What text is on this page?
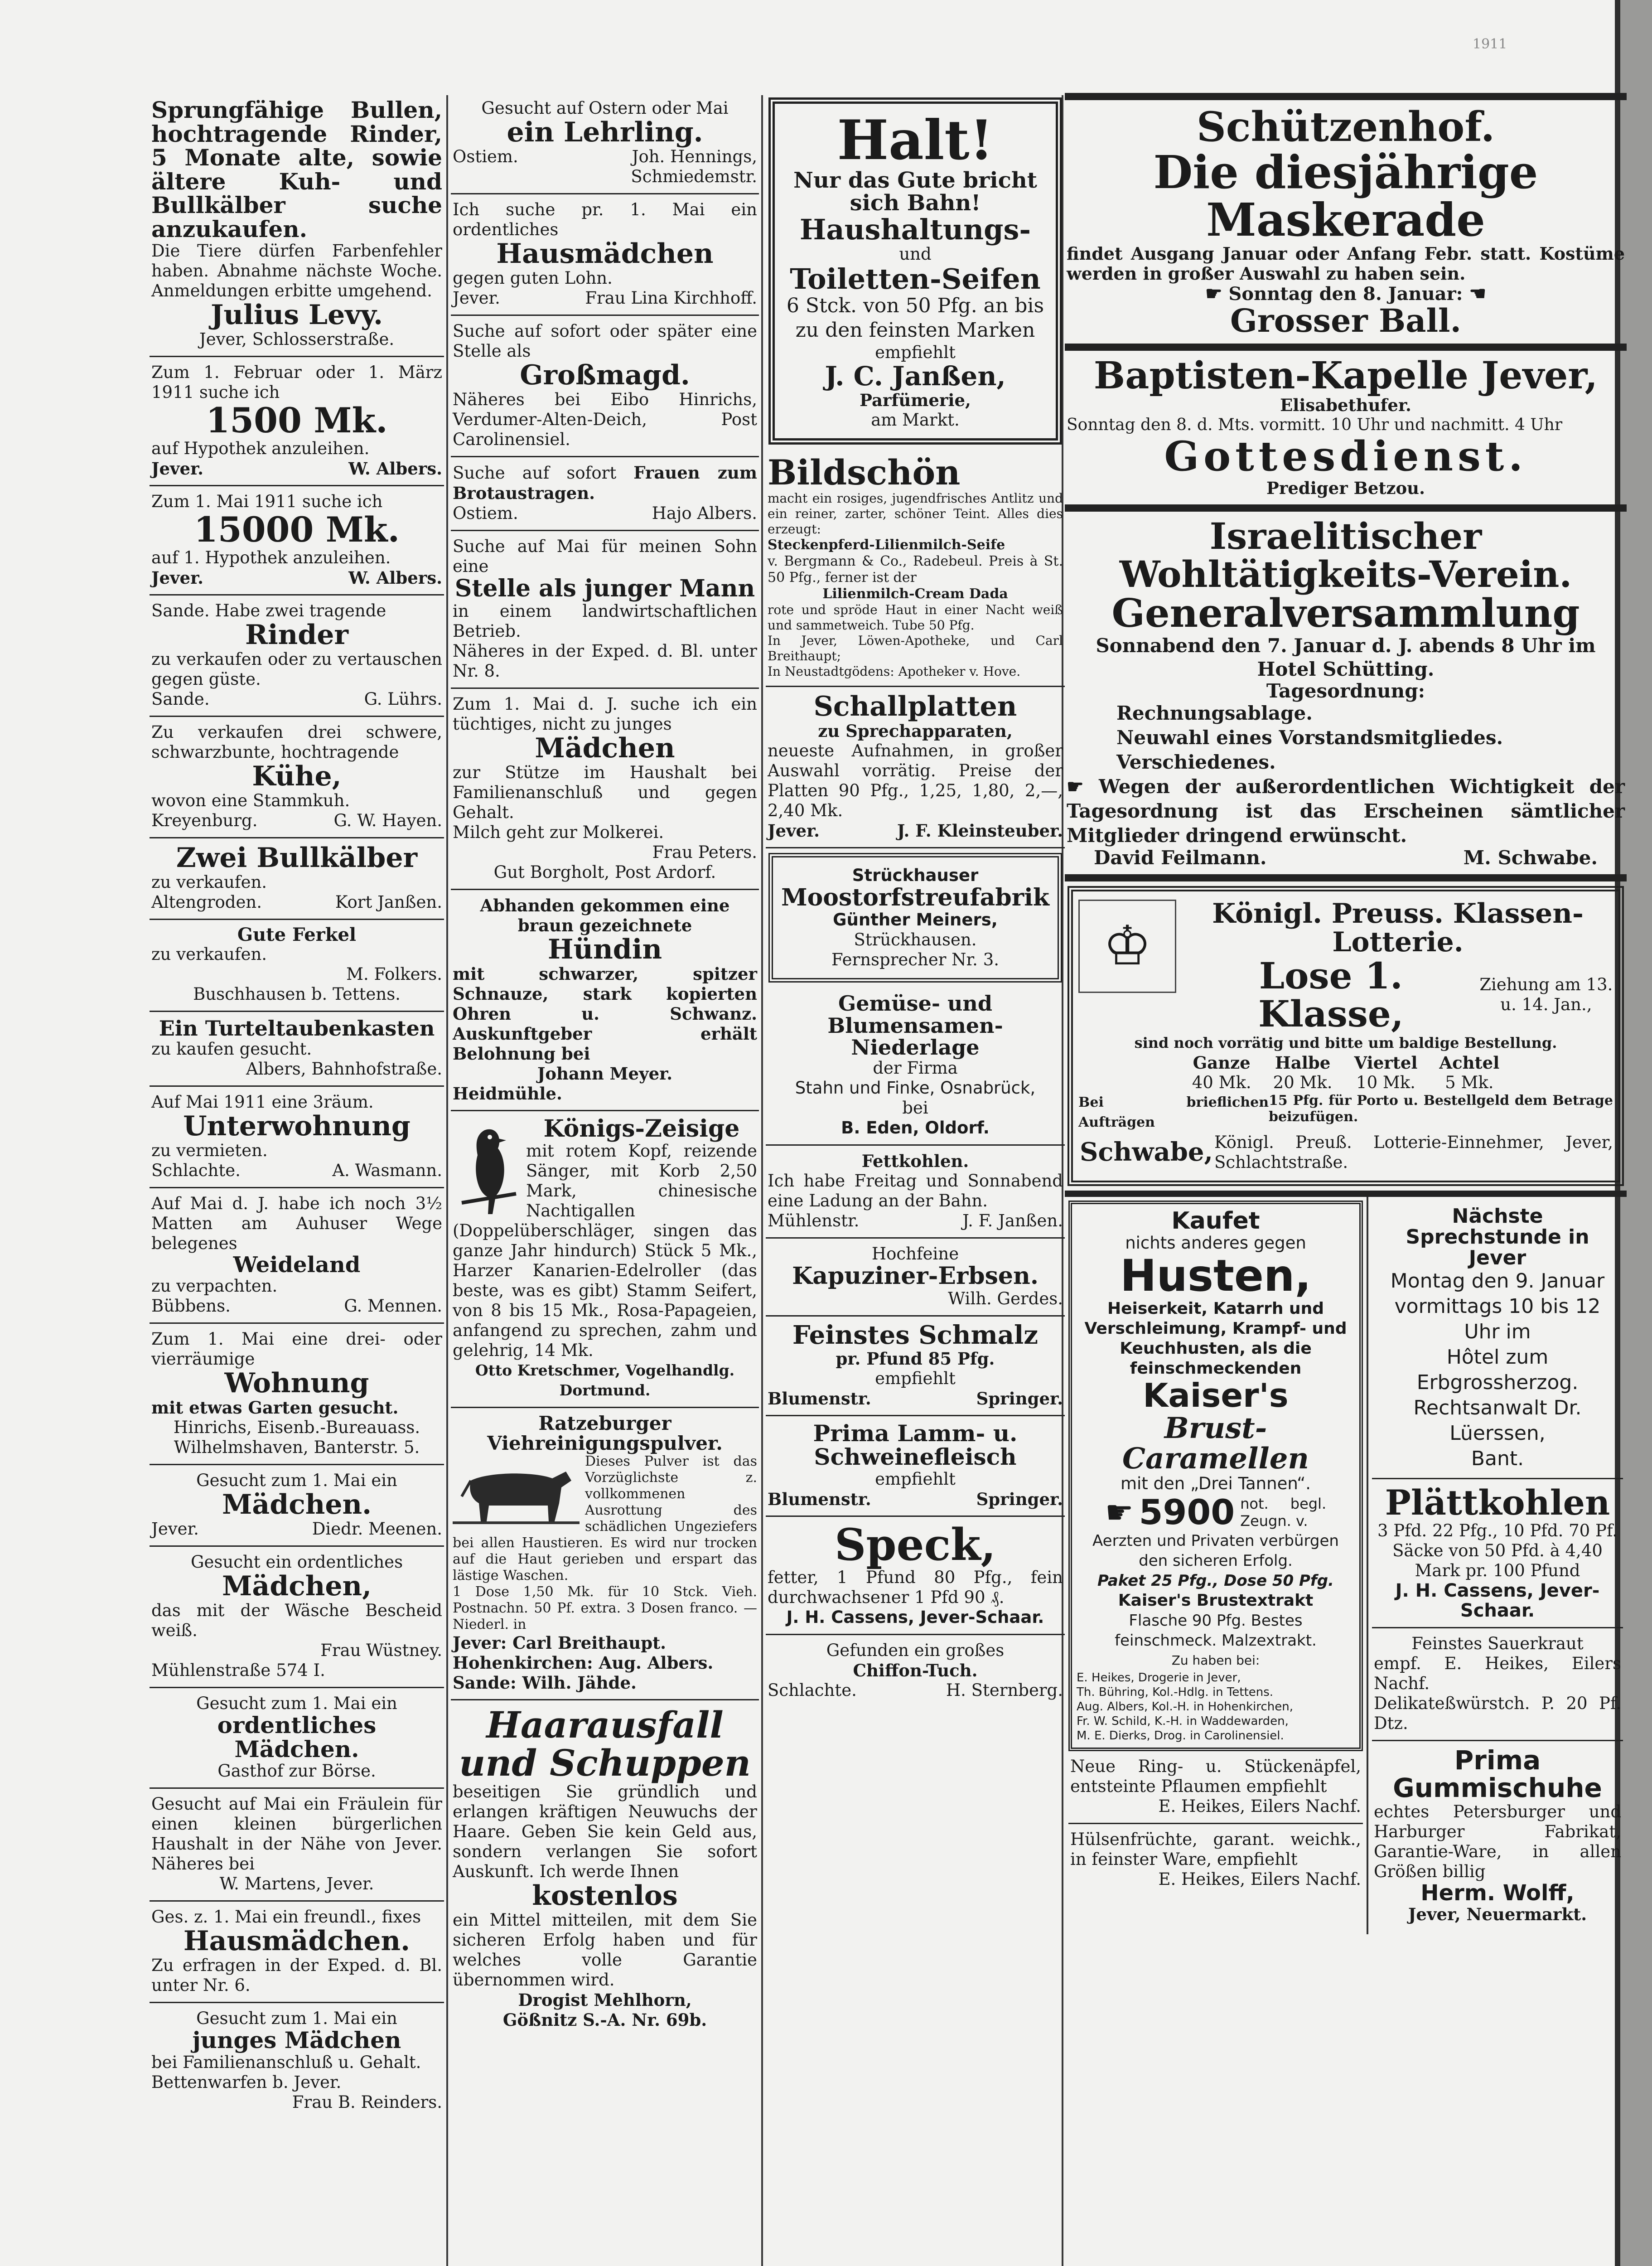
1911
Sprungfähige Bullen, hochtragende Rinder, 5 Monate alte, sowie ältere Kuh- und Bullkälber suche anzukaufen.
Die Tiere dürfen Farbenfehler haben. Abnahme nächste Woche. Anmeldungen erbitte umgehend.
Julius Levy.
Jever, Schlosserstraße.
Zum 1. Februar oder 1. März 1911 suche ich
1500 Mk.
auf Hypothek anzuleihen.
Jever.	W. Albers.
Zum 1. Mai 1911 suche ich
15000 Mk.
auf 1. Hypothek anzuleihen.
Jever.	W. Albers.
Sande. Habe zwei tragende
Rinder
zu verkaufen oder zu vertauschen gegen güste.
Sande.	G. Lührs.
Zu verkaufen drei schwere, schwarzbunte, hochtragende
Kühe,
wovon eine Stammkuh.
Kreyenburg.	G. W. Hayen.
Zwei Bullkälber
zu verkaufen.
Altengroden.	Kort Janßen.
Gute Ferkel
zu verkaufen.
M. Folkers.
Buschhausen b. Tettens.
Ein Turteltaubenkasten
zu kaufen gesucht.
Albers, Bahnhofstraße.
Auf Mai 1911 eine 3räum.
Unterwohnung
zu vermieten.
Schlachte.	A. Wasmann.
Auf Mai d. J. habe ich noch 3½ Matten am Auhuser Wege belegenes
Weideland
zu verpachten.
Bübbens.	G. Mennen.
Zum 1. Mai eine drei- oder vierräumige
Wohnung
mit etwas Garten gesucht.
Hinrichs, Eisenb.-Bureauass. Wilhelmshaven, Banterstr. 5.
Gesucht zum 1. Mai ein
Mädchen.
Jever.	Diedr. Meenen.
Gesucht ein ordentliches
Mädchen,
das mit der Wäsche Bescheid weiß.
Frau Wüstney.
Mühlenstraße 574 I.
Gesucht zum 1. Mai ein
ordentliches Mädchen.
Gasthof zur Börse.
Gesucht auf Mai ein Fräulein für einen kleinen bürgerlichen Haushalt in der Nähe von Jever. Näheres bei
W. Martens, Jever.
Ges. z. 1. Mai ein freundl., fixes
Hausmädchen.
Zu erfragen in der Exped. d. Bl. unter Nr. 6.
Gesucht zum 1. Mai ein
junges Mädchen
bei Familienanschluß u. Gehalt.
Bettenwarfen b. Jever.
Frau B. Reinders.
Gesucht auf Ostern oder Mai
ein Lehrling.
Ostiem.	Joh. Hennings,
Schmiedemstr.
Ich suche pr. 1. Mai ein ordentliches
Hausmädchen
gegen guten Lohn.
Jever.	Frau Lina Kirchhoff.
Suche auf sofort oder später eine Stelle als
Großmagd.
Näheres bei Eibo Hinrichs, Verdumer-Alten-Deich, Post Carolinensiel.
Suche auf sofort Frauen zum Brotaustragen.
Ostiem.	Hajo Albers.
Suche auf Mai für meinen Sohn eine
Stelle als junger Mann
in einem landwirtschaftlichen Betrieb.
Näheres in der Exped. d. Bl. unter Nr. 8.
Zum 1. Mai d. J. suche ich ein tüchtiges, nicht zu junges
Mädchen
zur Stütze im Haushalt bei Familienanschluß und gegen Gehalt.
Milch geht zur Molkerei.
Frau Peters.
Gut Borgholt, Post Ardorf.
Abhanden gekommen eine braun gezeichnete
Hündin
mit schwarzer, spitzer Schnauze, stark kopierten Ohren u. Schwanz. Auskunftgeber erhält Belohnung bei
Johann Meyer.
Heidmühle.
Königs-Zeisige
mit rotem Kopf, reizende Sänger, mit Korb 2,50 Mark, chinesische Nachtigallen (Doppelüberschläger, singen das ganze Jahr hindurch) Stück 5 Mk., Harzer Kanarien-Edelroller (das beste, was es gibt) Stamm Seifert, von 8 bis 15 Mk., Rosa-Papageien, anfangend zu sprechen, zahm und gelehrig, 14 Mk.
Otto Kretschmer, Vogelhandlg. Dortmund.
Ratzeburger Viehreinigungspulver.
Dieses Pulver ist das Vorzüglichste z. vollkommenen Ausrottung des schädlichen Ungeziefers bei allen Haustieren. Es wird nur trocken auf die Haut gerieben und erspart das lästige Waschen.
1 Dose 1,50 Mk. für 10 Stck. Vieh. Postnachn. 50 Pf. extra. 3 Dosen franco. — Niederl. in
Jever: Carl Breithaupt.
Hohenkirchen: Aug. Albers.
Sande: Wilh. Jähde.
Haarausfall und Schuppen
beseitigen Sie gründlich und erlangen kräftigen Neuwuchs der Haare. Geben Sie kein Geld aus, sondern verlangen Sie sofort Auskunft. Ich werde Ihnen
kostenlos
ein Mittel mitteilen, mit dem Sie sicheren Erfolg haben und für welches volle Garantie übernommen wird.
Drogist Mehlhorn,
Gößnitz S.-A. Nr. 69b.
Halt!
Nur das Gute bricht sich Bahn!
Haushaltungs-
und
Toiletten-Seifen
6 Stck. von 50 Pfg. an bis zu den feinsten Marken
empfiehlt
J. C. Janßen,
Parfümerie,
am Markt.
Bildschön
macht ein rosiges, jugendfrisches Antlitz und ein reiner, zarter, schöner Teint. Alles dies erzeugt:
Steckenpferd-Lilienmilch-Seife
v. Bergmann & Co., Radebeul. Preis à St. 50 Pfg., ferner ist der
Lilienmilch-Cream Dada
rote und spröde Haut in einer Nacht weiß und sammetweich. Tube 50 Pfg.
In Jever, Löwen-Apotheke, und Carl Breithaupt;
In Neustadtgödens: Apotheker v. Hove.
Schallplatten
zu Sprechapparaten,
neueste Aufnahmen, in großer Auswahl vorrätig. Preise der Platten 90 Pfg., 1,25, 1,80, 2,—, 2,40 Mk.
Jever.	J. F. Kleinsteuber.
Strückhauser
Moostorfstreufabrik
Günther Meiners,
Strückhausen.
Fernsprecher Nr. 3.
Gemüse- und Blumensamen-Niederlage
der Firma
Stahn und Finke, Osnabrück,
bei
B. Eden, Oldorf.
Fettkohlen.
Ich habe Freitag und Sonnabend eine Ladung an der Bahn.
Mühlenstr.	J. F. Janßen.
Hochfeine
Kapuziner-Erbsen.
Wilh. Gerdes.
Feinstes Schmalz
pr. Pfund 85 Pfg.
empfiehlt
Blumenstr.	Springer.
Prima Lamm- u. Schweinefleisch
empfiehlt
Blumenstr.	Springer.
Speck,
fetter, 1 Pfund 80 Pfg., fein durchwachsener 1 Pfd 90 ₰.
J. H. Cassens, Jever-Schaar.
Gefunden ein großes
Chiffon-Tuch.
Schlachte.	H. Sternberg.
Schützenhof.
Die diesjährige Maskerade
findet Ausgang Januar oder Anfang Febr. statt. Kostüme werden in großer Auswahl zu haben sein.
☛ Sonntag den 8. Januar: ☚
Grosser Ball.
Baptisten-Kapelle Jever,
Elisabethufer.
Sonntag den 8. d. Mts. vormitt. 10 Uhr und nachmitt. 4 Uhr
Gottesdienst.
Prediger Betzou.
Israelitischer Wohltätigkeits-Verein.
Generalversammlung
Sonnabend den 7. Januar d. J. abends 8 Uhr im Hotel Schütting.
Tagesordnung:
Rechnungsablage.
Neuwahl eines Vorstandsmitgliedes.
Verschiedenes.
☛ Wegen der außerordentlichen Wichtigkeit der Tagesordnung ist das Erscheinen sämtlicher Mitglieder dringend erwünscht.
David Feilmann.	M. Schwabe.
♔
Königl. Preuss. Klassen-Lotterie.
Lose 1. Klasse,
Ziehung am 13. u. 14. Jan.,
sind noch vorrätig und bitte um baldige Bestellung.
Ganze	Halbe	Viertel	Achtel
40 Mk.	20 Mk.	10 Mk.	5 Mk.
Bei brieflichen Aufträgen
15 Pfg. für Porto u. Bestellgeld dem Betrage beizufügen.
Schwabe, Königl. Preuß. Lotterie-Einnehmer, Jever, Schlachtstraße.
Kaufet
nichts anderes gegen
Husten,
Heiserkeit, Katarrh und Verschleimung, Krampf- und Keuchhusten, als die feinschmeckenden
Kaiser's
Brust-Caramellen
mit den „Drei Tannen“.
☛ 5900 not. begl. Zeugn. v.
Aerzten und Privaten verbürgen den sicheren Erfolg.
Paket 25 Pfg., Dose 50 Pfg.
Kaiser's Brustextrakt
Flasche 90 Pfg. Bestes feinschmeck. Malzextrakt.
Zu haben bei:
E. Heikes, Drogerie in Jever,
Th. Bühring, Kol.-Hdlg. in Tettens.
Aug. Albers, Kol.-H. in Hohenkirchen,
Fr. W. Schild, K.-H. in Waddewarden,
M. E. Dierks, Drog. in Carolinensiel.
Neue Ring- u. Stückenäpfel, entsteinte Pflaumen empfiehlt
E. Heikes, Eilers Nachf.
Hülsenfrüchte, garant. weichk., in feinster Ware, empfiehlt
E. Heikes, Eilers Nachf.
Nächste Sprechstunde in Jever
Montag den 9. Januar
vormittags 10 bis 12 Uhr im
Hôtel zum Erbgrossherzog.
Rechtsanwalt Dr. Lüerssen,
Bant.
Plättkohlen
3 Pfd. 22 Pfg., 10 Pfd. 70 Pf. Säcke von 50 Pfd. à 4,40 Mark pr. 100 Pfund
J. H. Cassens, Jever-Schaar.
Feinstes Sauerkraut
empf. E. Heikes, Eilers Nachf.
Delikateßwürstch. P. 20 Pf. Dtz.
Prima Gummischuhe
echtes Petersburger und Harburger Fabrikat, Garantie-Ware, in allen Größen billig
Herm. Wolff,
Jever, Neuermarkt.
